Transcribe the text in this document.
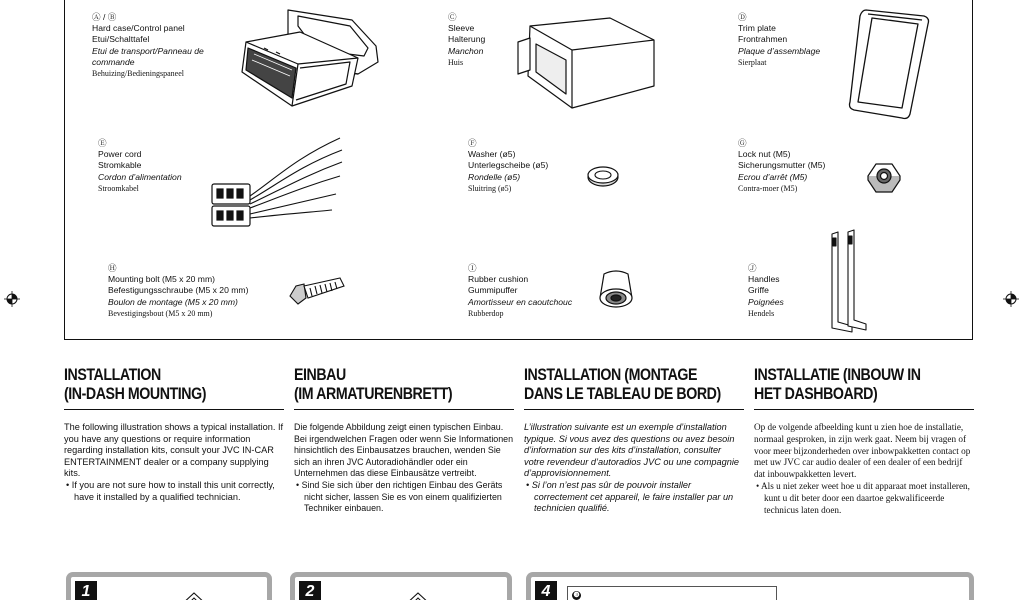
Ⓐ / Ⓑ
Hard case/Control panel
Etui/Schalttafel
Etui de transport/Panneau de commande
Behuizing/Bedieningspaneel
Ⓒ
Sleeve
Halterung
Manchon
Huis
Ⓓ
Trim plate
Frontrahmen
Plaque d’assemblage
Sierplaat
Ⓔ
Power cord
Stromkable
Cordon d’alimentation
Stroomkabel
Ⓕ
Washer (ø5)
Unterlegscheibe (ø5)
Rondelle (ø5)
Sluitring (ø5)
Ⓖ
Lock nut (M5)
Sicherungsmutter (M5)
Ecrou d’arrêt (M5)
Contra-moer (M5)
Ⓗ
Mounting bolt (M5 x 20 mm)
Befestigungsschraube (M5 x 20 mm)
Boulon de montage (M5 x 20 mm)
Bevestigingsbout (M5 x 20 mm)
Ⓘ
Rubber cushion
Gummipuffer
Amortisseur en caoutchouc
Rubberdop
Ⓙ
Handles
Griffe
Poignées
Hendels
INSTALLATION
(IN-DASH MOUNTING)

The following illustration shows a typical installation. If you have any questions or require information regarding installation kits, consult your JVC IN-CAR ENTERTAINMENT dealer or a company supplying kits.

• If you are not sure how to install this unit correctly, have it installed by a qualified technician.
EINBAU
(IM ARMATURENBRETT)

Die folgende Abbildung zeigt einen typischen Einbau. Bei irgendwelchen Fragen oder wenn Sie Informationen hinsichtlich des Einbausatzes brauchen, wenden Sie sich an ihren JVC Autoradiohändler oder ein Unternehmen das diese Einbausätze vertreibt.

• Sind Sie sich über den richtigen Einbau des Geräts nicht sicher, lassen Sie es von einem qualifizierten Techniker einbauen.
INSTALLATION (MONTAGE
DANS LE TABLEAU DE BORD)

L’illustration suivante est un exemple d’installation typique. Si vous avez des questions ou avez besoin d’information sur des kits d’installation, consulter votre revendeur d’autoradios JVC ou une compagnie d’approvisionnement.

• Si l’on n’est pas sûr de pouvoir installer correctement cet appareil, le faire installer par un technicien qualifié.
INSTALLATIE (INBOUW IN
HET DASHBOARD)

Op de volgende afbeelding kunt u zien hoe de installatie, normaal gesproken, in zijn werk gaat. Neem bij vragen of voor meer bijzonderheden over inbowpakketten contact op met uw JVC car audio dealer of een dealer of een bedrijf dat inbouwpakketten levert.

• Als u niet zeker weet hoe u dit apparaat moet installeren, kunt u dit beter door een daartoe gekwalificeerde technicus laten doen.
1	2	4	❸
